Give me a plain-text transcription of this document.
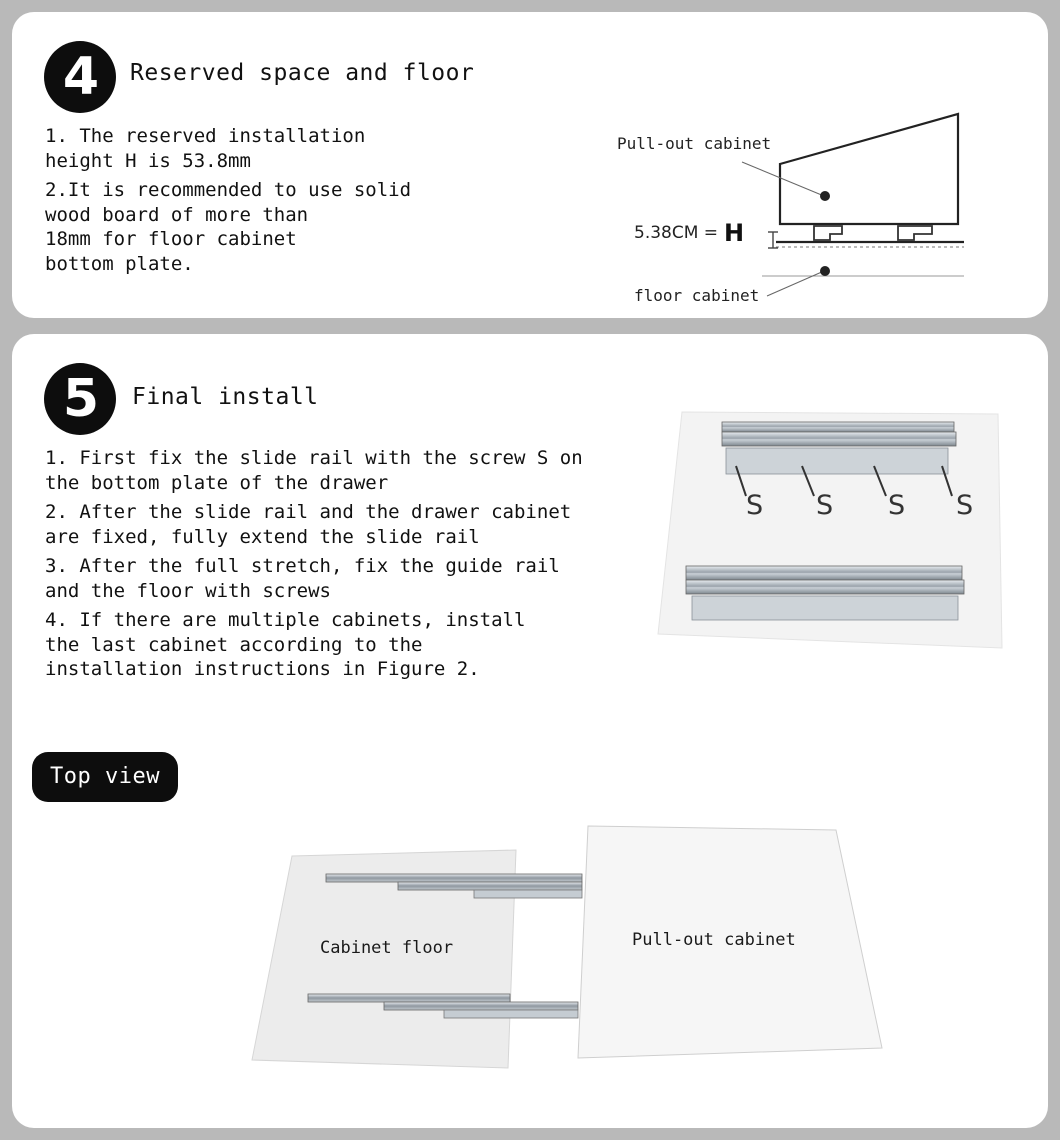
4	Reserved space and floor
1. The reserved installation
height H is 53.8mm
2.It is recommended to use solid
wood board of more than
18mm for floor cabinet
bottom plate.
Pull-out cabinet
5.38CM = H
floor cabinet
5	Final install
1. First fix the slide rail with the screw S on
the bottom plate of the drawer
2. After the slide rail and the drawer cabinet
are fixed, fully extend the slide rail
3. After the full stretch, fix the guide rail
and the floor with screws
4. If there are multiple cabinets, install
the last cabinet according to the
installation instructions in Figure 2.
S S S S
Top view
Cabinet floor	Pull-out cabinet
